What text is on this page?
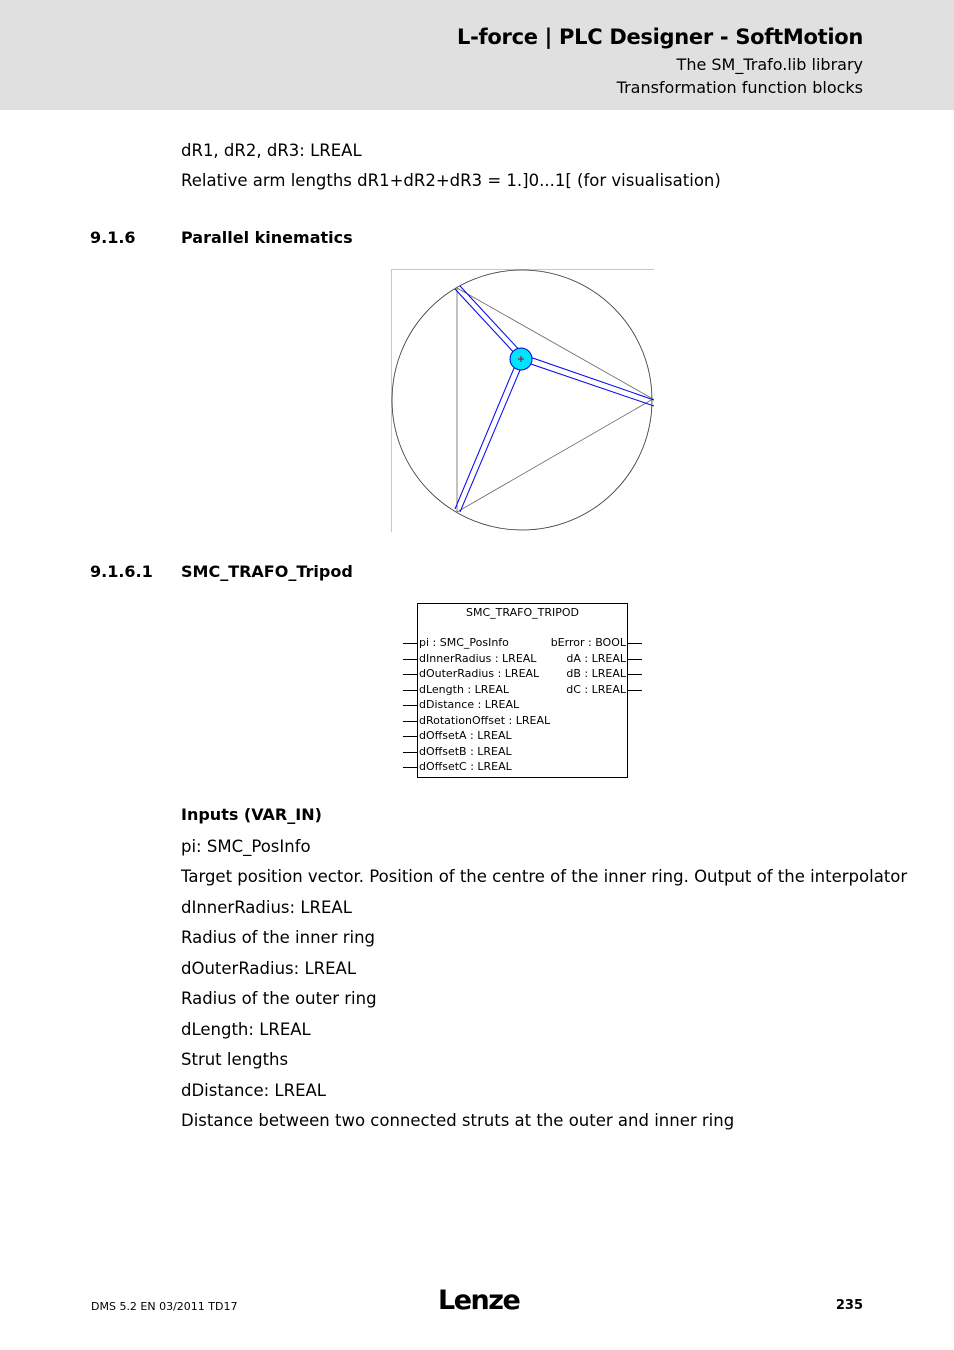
L-force | PLC Designer - SoftMotion
The SM_Trafo.lib library
Transformation function blocks
dR1, dR2, dR3: LREAL
Relative arm lengths dR1+dR2+dR3 = 1.]0...1[ (for visualisation)
9.1.6	Parallel kinematics
9.1.6.1 SMC_TRAFO_Tripod
SMC_TRAFO_TRIPOD
pi : SMC_PosInfo
dInnerRadius : LREAL
dOuterRadius : LREAL
dLength : LREAL
dDistance : LREAL
dRotationOffset : LREAL
dOffsetA : LREAL
dOffsetB : LREAL
dOffsetC : LREAL
bError : BOOL
dA : LREAL
dB : LREAL
dC : LREAL
Inputs (VAR_IN)
pi: SMC_PosInfo
Target position vector. Position of the centre of the inner ring. Output of the interpolator
dInnerRadius: LREAL
Radius of the inner ring
dOuterRadius: LREAL
Radius of the outer ring
dLength: LREAL
Strut lengths
dDistance: LREAL
Distance between two connected struts at the outer and inner ring
DMS 5.2 EN 03/2011 TD17	Lenze	235
